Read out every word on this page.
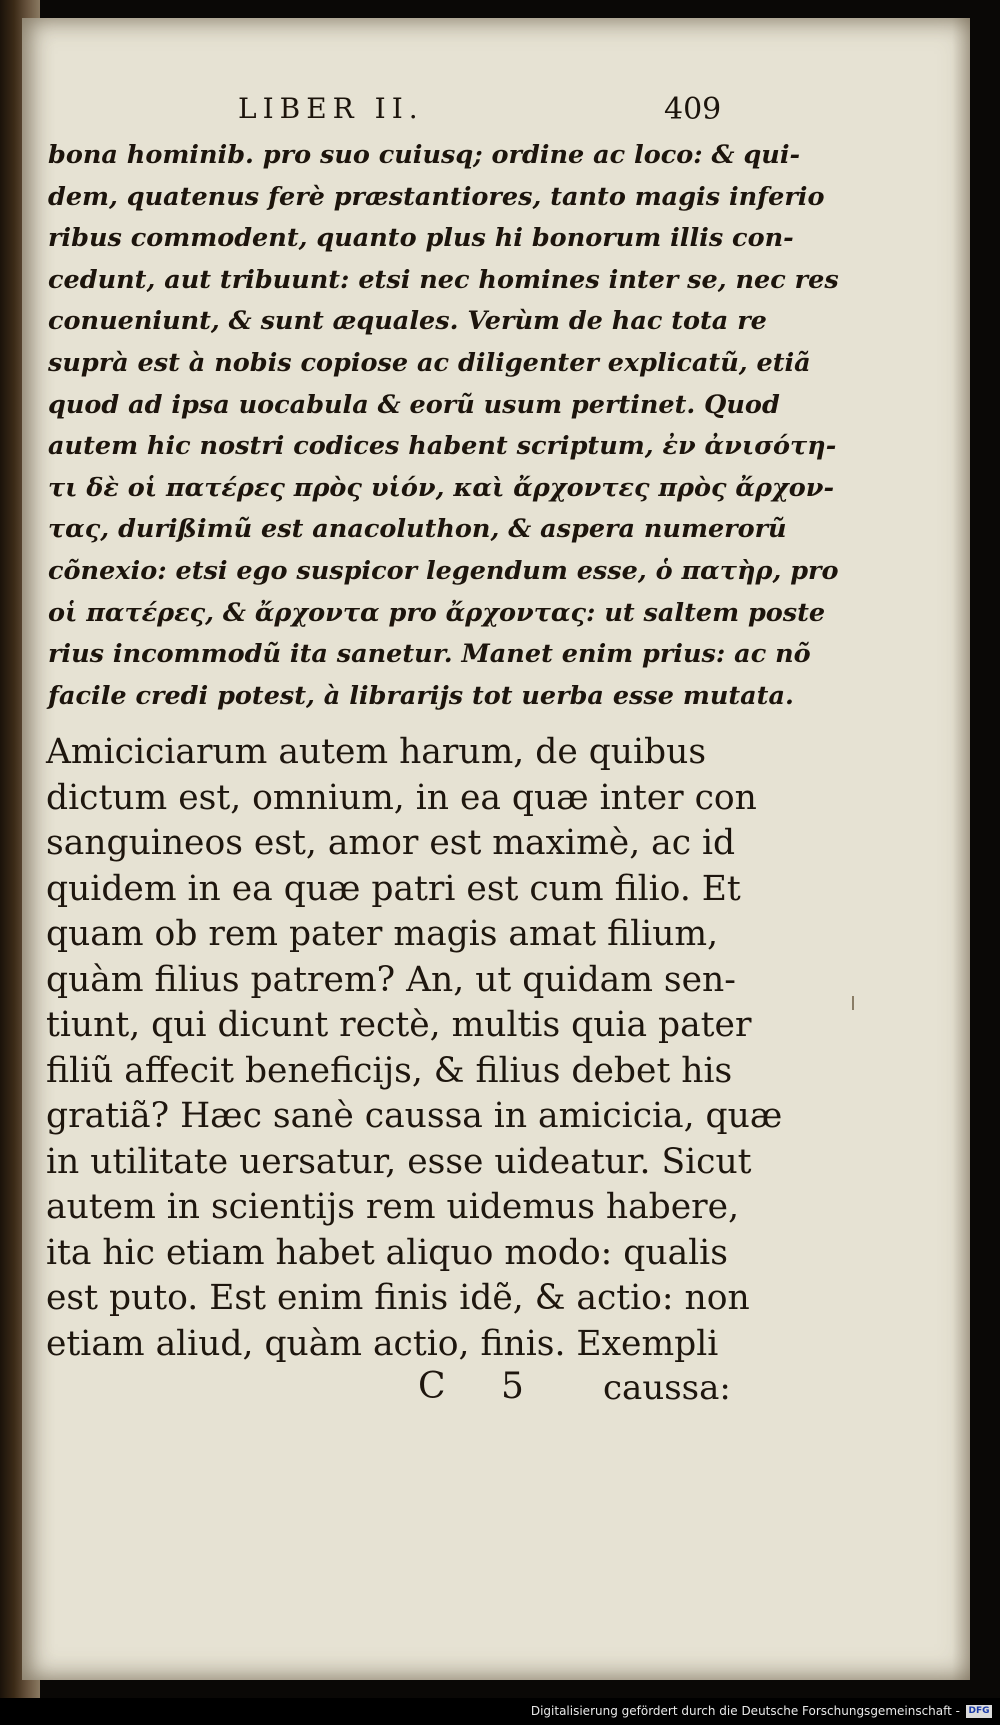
LIBER II.	409

bona hominib. pro suo cuiusq; ordine ac loco: &
dem, quatenus ferè præstantiores, tanto magis
ribus commodent, quanto plus hi bonorum illis
cedunt, aut tribuunt: etsi nec homines inter se,
conueniunt, & sunt æquales. Verùm de hac tota
suprà est à nobis copiose ac diligenter explicatũ,
quod ad ipsa uocabula & eorũ usum pertinet.
autem hic nostri codices habent scriptum, ἐν
τι δὲ οἱ πατέρες πρὸς υἱόν, καὶ ἄρχοντες πρὸς
τας, durißimũ est anacoluthon, & aspera numerorũ
cõnexio: etsi ego suspicor legendum esse, ὁ
οἱ πατέρες, & ἄρχοντα pro ἄρχοντας: ut saltem
rius incommodũ ita sanetur. Manet enim prius:
facile credi potest, à librarijs tot uerba esse

Amiciciarum autem harum, de quibus
dictum est, omnium, in ea quæ inter con
sanguineos est, amor est maximè, ac id
quidem in ea quæ patri est cum filio. Et
quam ob rem pater magis amat filium,
quàm filius patrem? An, ut quidam sen-
tiunt, qui dicunt rectè, multis quia pater
filiũ affecit beneficijs, & filius debet his
gratiã? Hæc sanè caussa in amicicia, quæ
in utilitate uersatur, esse uideatur. Sicut
autem in scientijs rem uidemus habere,
ita hic etiam habet aliquo modo: qualis
est puto. Est enim finis idẽ, & actio: non
etiam aliud, quàm actio, finis. Exempli

C 5 caussa:
Digitalisierung gefördert durch die Deutsche Forschungsgemeinschaft - DFG
